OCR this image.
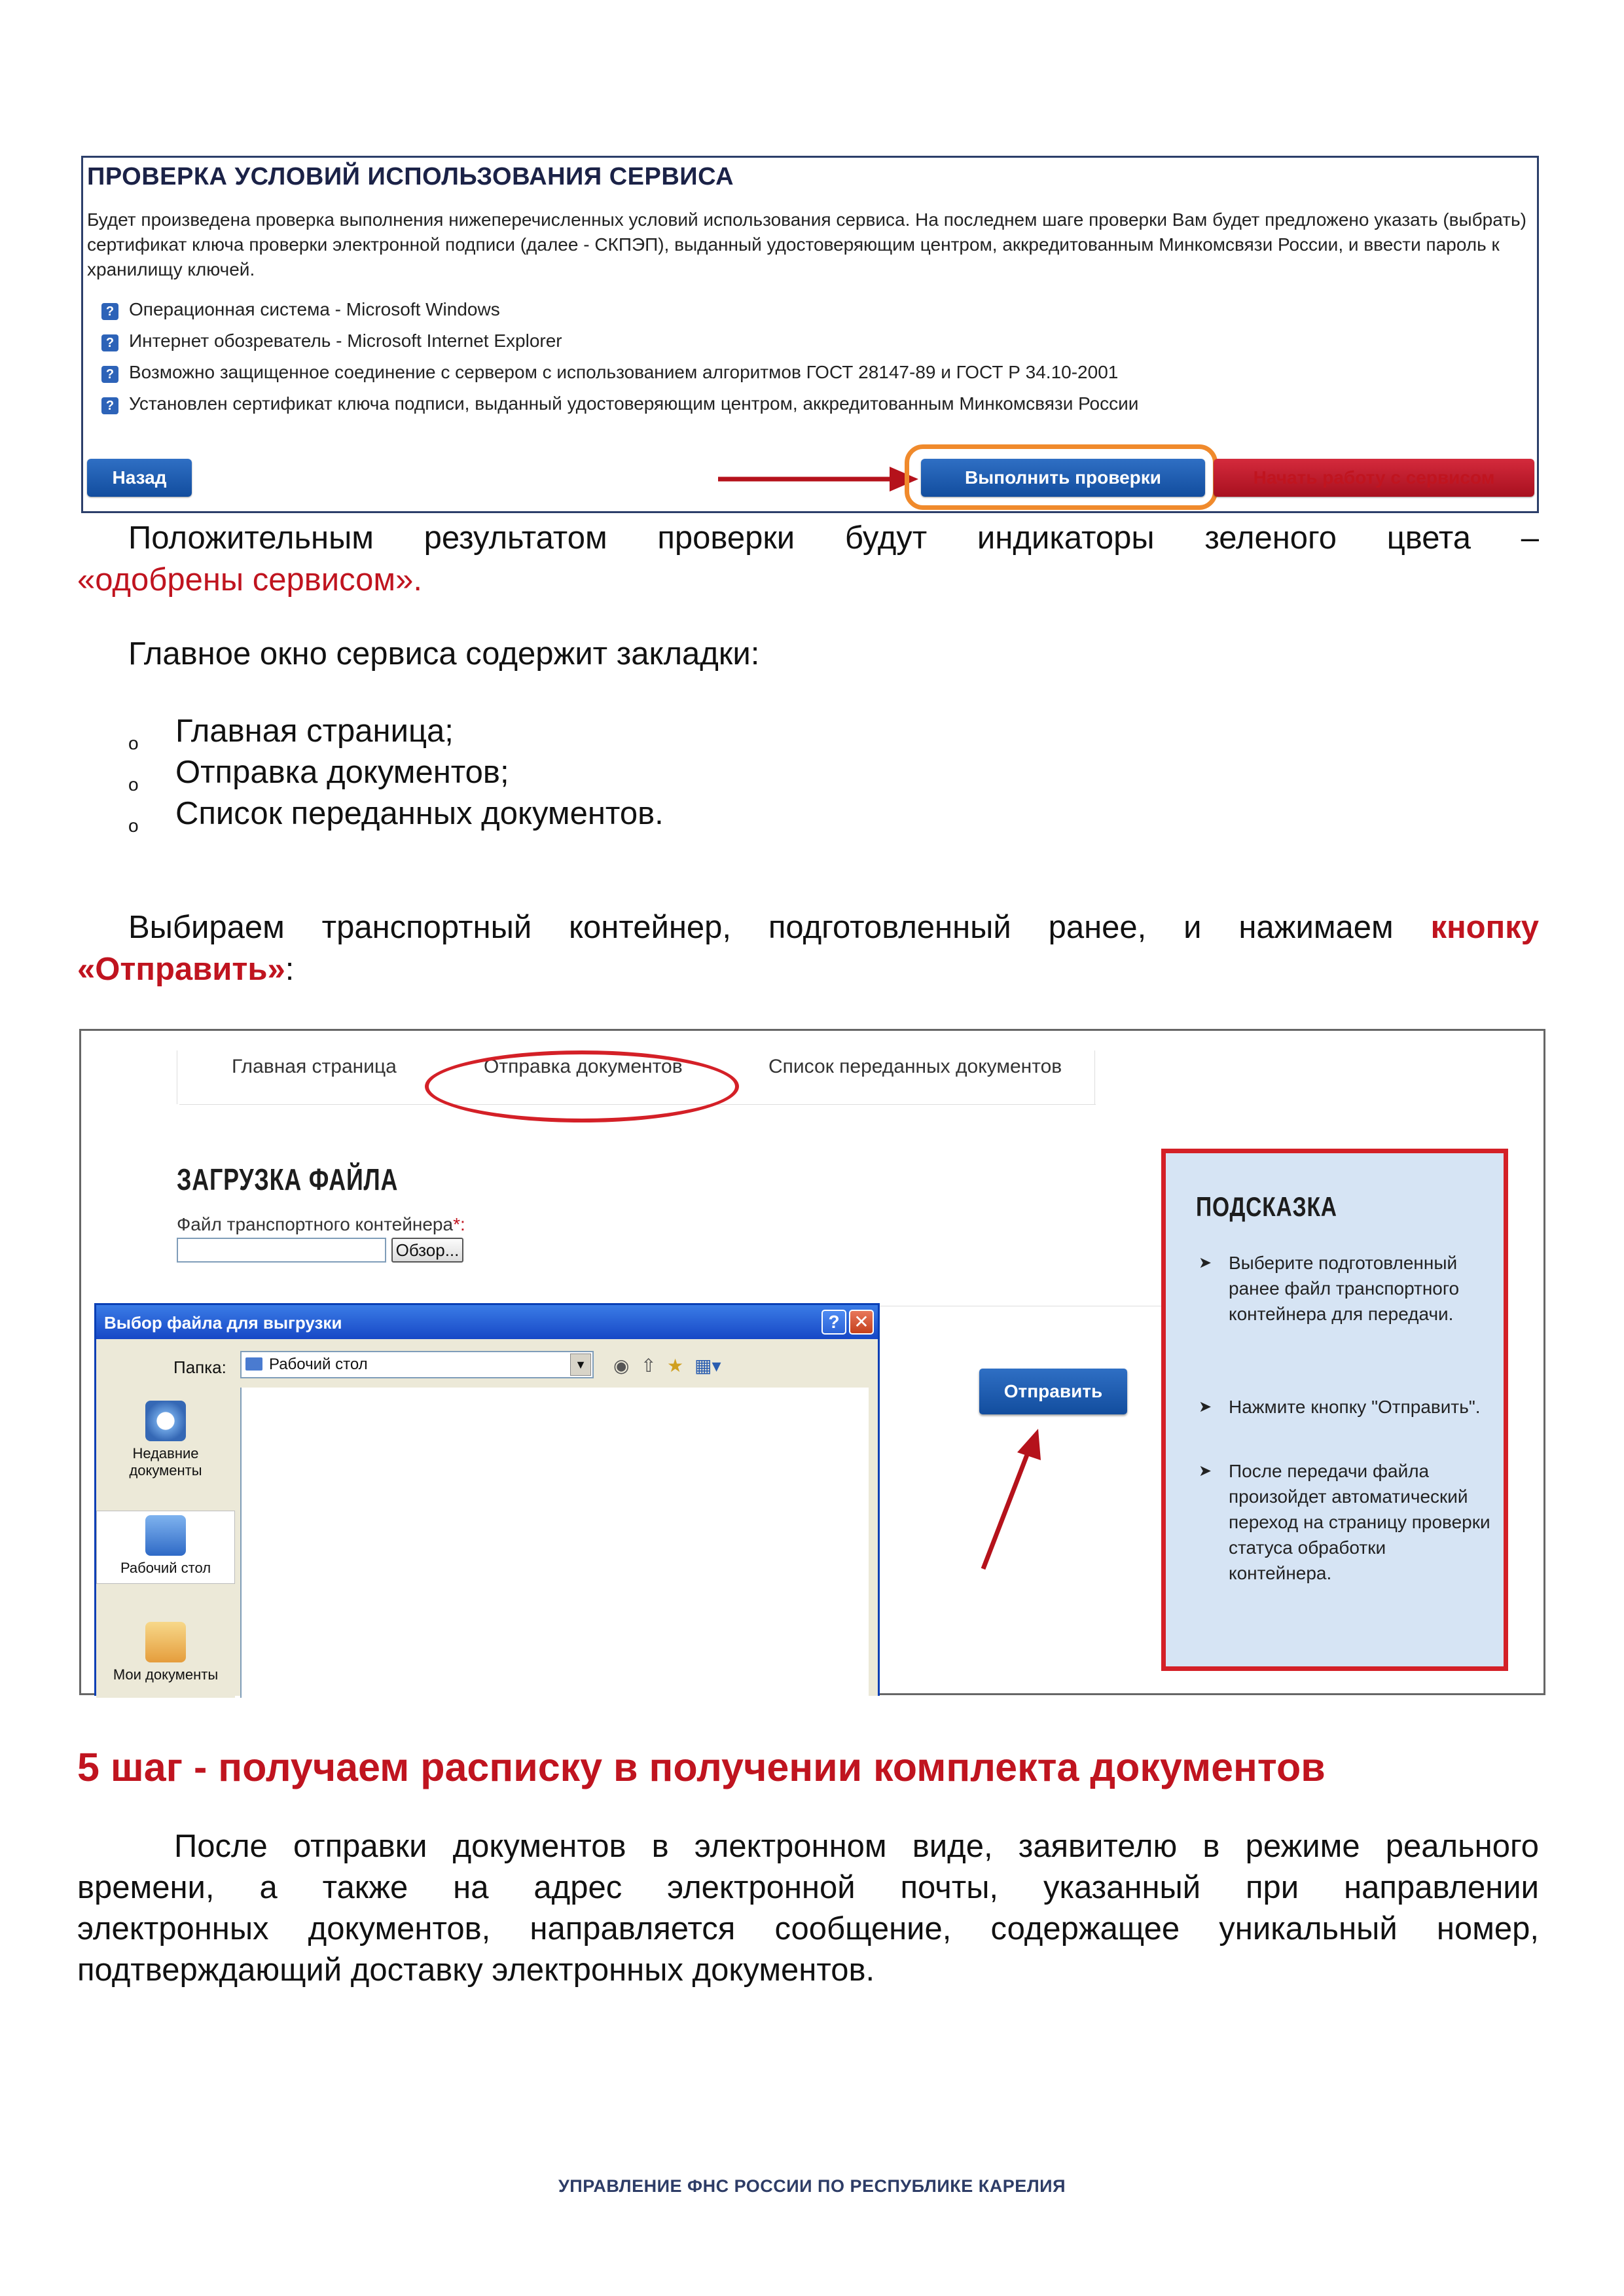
ПРОВЕРКА УСЛОВИЙ ИСПОЛЬЗОВАНИЯ СЕРВИСА
Будет произведена проверка выполнения нижеперечисленных условий использования сервиса. На последнем шаге проверки Вам будет предложено указать (выбрать) сертификат ключа проверки электронной подписи (далее - СКПЭП), выданный удостоверяющим центром, аккредитованным Минкомсвязи России, и ввести пароль к хранилищу ключей.
? Операционная система - Microsoft Windows
? Интернет обозреватель - Microsoft Internet Explorer
? Возможно защищенное соединение с сервером с использованием алгоритмов ГОСТ 28147-89 и ГОСТ Р 34.10-2001
? Установлен сертификат ключа подписи, выданный удостоверяющим центром, аккредитованным Минкомсвязи России
Назад	Выполнить проверки	Начать работу с сервисом
Положительным результатом проверки будут индикаторы зеленого цвета –
«одобрены сервисом».
Главное окно сервиса содержит закладки:
o Главная страница;
o Отправка документов;
o Список переданных документов.
Выбираем транспортный контейнер, подготовленный ранее, и нажимаем кнопку
«Отправить»:
Главная страница	Отправка документов	Список переданных документов
ЗАГРУЗКА ФАЙЛА
Файл транспортного контейнера*:
Обзор...
Отправить
Выбор файла для выгрузки	? ✕
Папка:	Рабочий стол	▼ ◉ ⇧ ★ ▦▾
Недавние документы
Рабочий стол
Мои документы
ПОДСКАЗКА
➤ Выберите подготовленный ранее файл транспортного контейнера для передачи.
➤ Нажмите кнопку "Отправить".
➤ После передачи файла произойдет автоматический переход на страницу проверки статуса обработки контейнера.
5 шаг - получаем расписку в получении комплекта документов
После отправки документов в электронном виде, заявителю в режиме реального
времени, а также на адрес электронной почты, указанный при направлении
электронных документов, направляется сообщение, содержащее уникальный номер,
подтверждающий доставку электронных документов.
УПРАВЛЕНИЕ ФНС РОССИИ ПО РЕСПУБЛИКЕ КАРЕЛИЯ
